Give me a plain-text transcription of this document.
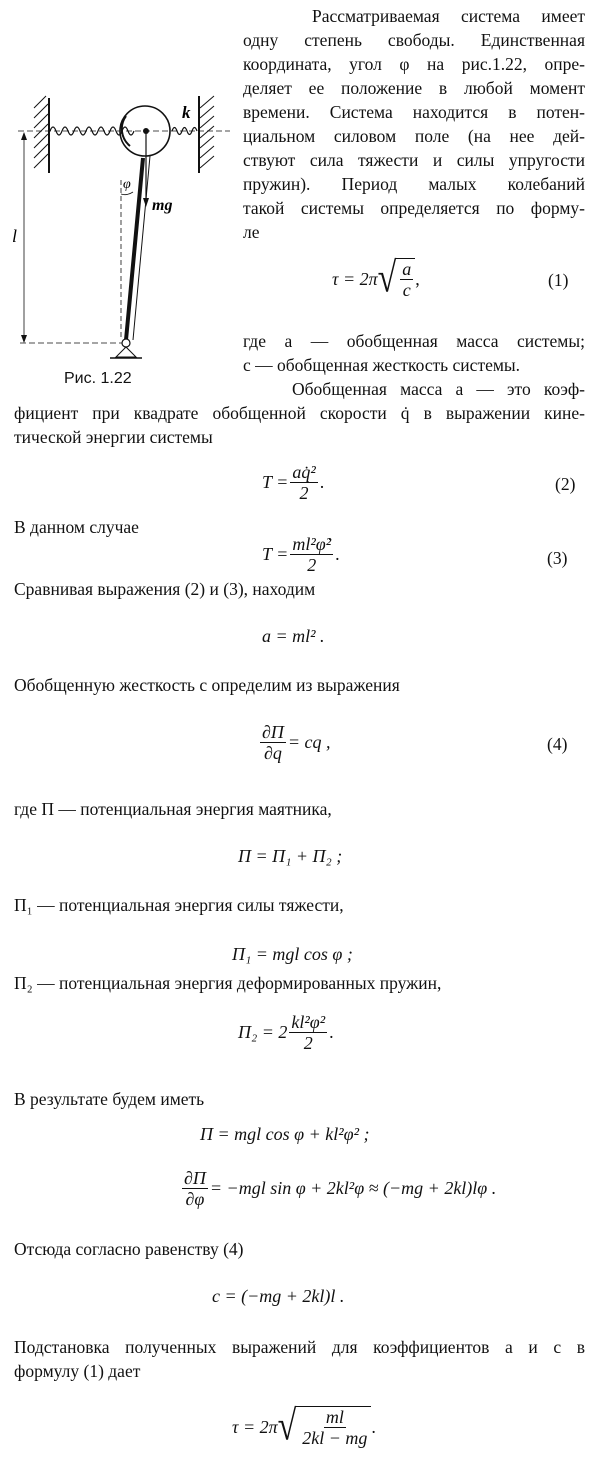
k
φ
mg
l
Рис. 1.22
Рассматриваемая система имеет
одну степень свободы. Единственная
координата, угол φ на рис.1.22, опре-
деляет ее положение в любой момент
времени. Система находится в потен-
циальном силовом поле (на нее дей-
ствуют сила тяжести и силы упругости
пружин). Период малых колебаний
такой системы определяется по форму-
ле
τ = 2π √ $\frac{a}{c}$ ,	(1)
где a — обобщенная масса системы;
c — обобщенная жесткость системы.
Обобщенная масса a — это коэф-
фициент при квадрате обобщенной скорости q̇ в выражении кине-
тической энергии системы
$T = \frac{\text{aq̇²}}{2}$ .	(2)
В данном случае
$T = \frac{\text{ml²φ̇²}}{2}$ .	(3)
Сравнивая выражения (2) и (3), находим
a = ml² .
Обобщенную жесткость c определим из выражения
$\frac{\partial П}{\partial q}$ = cq ,	(4)
где П — потенциальная энергия маятника,
П = П₁ + П₂ ;
П₁ — потенциальная энергия силы тяжести,
П₁ = mgl cos φ ;
П₂ — потенциальная энергия деформированных пружин,
$П_2 = 2 \frac{\text{kl²φ²}}{2}$ .
В результате будем иметь
П = mgl cos φ + kl²φ² ;
$\frac{\partial П}{\partial\varphi} = -mgl$ sin φ + 2kl²φ ≈ (−mg + 2kl)lφ .
Отсюда согласно равенству (4)
c = (−mg + 2kl)l .
Подстановка полученных выражений для коэффициентов a и c в
формулу (1) дает
τ = 2π √ $\frac{ml}{2kl - mg}$ .
